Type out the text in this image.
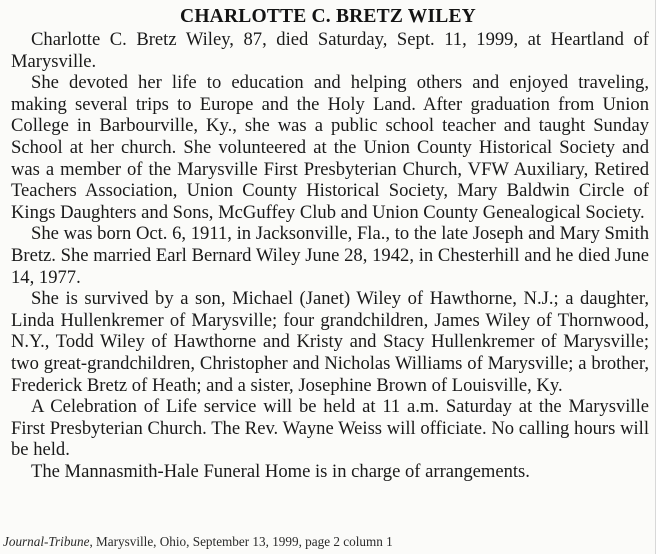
CHARLOTTE C. BRETZ WILEY

Charlotte C. Bretz Wiley, 87, died Saturday, Sept. 11, 1999, at Heartland of Marysville.

She devoted her life to education and helping others and enjoyed traveling, making several trips to Europe and the Holy Land. After graduation from Union College in Barbourville, Ky., she was a public school teacher and taught Sunday School at her church. She volunteered at the Union County Historical Society and was a member of the Marysville First Presbyterian Church, VFW Auxiliary, Retired Teachers Association, Union County Historical Society, Mary Baldwin Circle of Kings Daughters and Sons, McGuffey Club and Union County Genealogical Society.

She was born Oct. 6, 1911, in Jacksonville, Fla., to the late Joseph and Mary Smith Bretz. She married Earl Bernard Wiley June 28, 1942, in Chesterhill and he died June 14, 1977.

She is survived by a son, Michael (Janet) Wiley of Hawthorne, N.J.; a daughter, Linda Hullenkremer of Marysville; four grandchildren, James Wiley of Thornwood, N.Y., Todd Wiley of Hawthorne and Kristy and Stacy Hullenkremer of Marysville; two great-grandchildren, Christopher and Nicholas Williams of Marysville; a brother, Frederick Bretz of Heath; and a sister, Josephine Brown of Louisville, Ky.

A Celebration of Life service will be held at 11 a.m. Saturday at the Marysville First Presbyterian Church. The Rev. Wayne Weiss will officiate. No calling hours will be held.

The Mannasmith-Hale Funeral Home is in charge of arrangements.

Journal-Tribune, Marysville, Ohio, September 13, 1999, page 2 column 1
